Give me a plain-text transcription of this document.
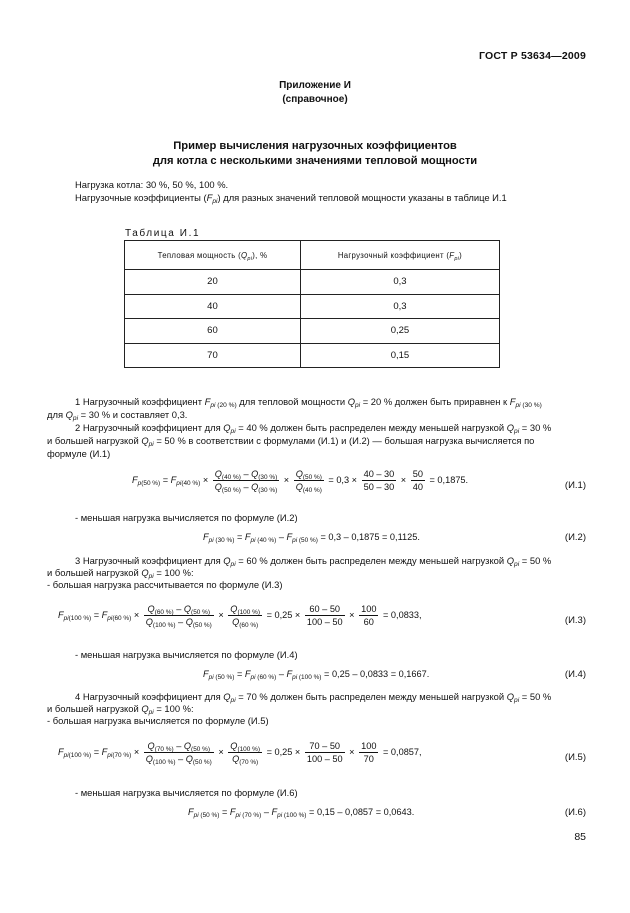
ГОСТ Р 53634—2009
Приложение И
(справочное)
Пример вычисления нагрузочных коэффициентов
для котла с несколькими значениями тепловой мощности
Нагрузка котла: 30 %, 50 %, 100 %.
Нагрузочные коэффициенты $(F_{pi})$ для разных значений тепловой мощности указаны в таблице И.1
Таблица И.1
Тепловая мощность $(Q_{pi})$, %	Нагрузочный коэффициент $(F_{pi})$
20	0,3
40	0,3
60	0,25
70	0,15
1 Нагрузочный коэффициент $F_{pi (20 \%)}$ для тепловой мощности $Q_{pi} = 20$ % должен быть приравнен к $F_{pi (30 \%)}$
для $Q_{pi} = 30$ % и составляет 0,3.
2 Нагрузочный коэффициент для $Q_{pi} = 40$ % должен быть распределен между меньшей нагрузкой $Q_{pi} = 30$ %
и большей нагрузкой $Q_{pi} = 50$ % в соответствии с формулами (И.1) и (И.2) — большая нагрузка вычисляется по
формуле (И.1)
$F_{p(50 \%)} = F_{pi(40 \%)} \times \frac{Q_{(40 \%)} - Q_{(30 \%)}}{Q_{(50 \%)} - Q_{(30 \%)}} \times \frac{Q_{(50 \%)}}{Q_{(40 \%)}} = 0,3 \times \frac{40 - 30}{50 - 30} \times \frac{50}{40} = 0,1875$.
(И.1)
- меньшая нагрузка вычисляется по формуле (И.2)
$F_{pi (30 \%)} = F_{pi (40 \%)} - F_{pi (50 \%)} = 0,3 - 0,1875 = 0,1125$.	(И.2)
3 Нагрузочный коэффициент для $Q_{pi} = 60$ % должен быть распределен между меньшей нагрузкой $Q_{pi} = 50$ %
и большей нагрузкой $Q_{pi} = 100$ %:
- большая нагрузка рассчитывается по формуле (И.3)
$F_{pi(100 \%)} = F_{pi(60 \%)} \times \frac{Q_{(60 \%)} - Q_{(50 \%)}}{Q_{(100 \%)} - Q_{(50 \%)}} \times \frac{Q_{(100 \%)}}{Q_{(60 \%)}} = 0,25 \times \frac{60 - 50}{100 - 50} \times \frac{100}{60} = 0,0833$,
(И.3)
- меньшая нагрузка вычисляется по формуле (И.4)
$F_{pi (50 \%)} = F_{pi (60 \%)} - F_{pi (100 \%)} = 0,25 - 0,0833 = 0,1667$.	(И.4)
4 Нагрузочный коэффициент для $Q_{pi} = 70$ % должен быть распределен между меньшей нагрузкой $Q_{pi} = 50$ %
и большей нагрузкой $Q_{pi} = 100$ %:
- большая нагрузка вычисляется по формуле (И.5)
$F_{pi(100 \%)} = F_{pi(70 \%)} \times \frac{Q_{(70 \%)} - Q_{(50 \%)}}{Q_{(100 \%)} - Q_{(50 \%)}} \times \frac{Q_{(100 \%)}}{Q_{(70 \%)}} = 0,25 \times \frac{70 - 50}{100 - 50} \times \frac{100}{70} = 0,0857$,
(И.5)
- меньшая нагрузка вычисляется по формуле (И.6)
$F_{pi (50 \%)} = F_{pi (70 \%)} - F_{pi (100 \%)} = 0,15 - 0,0857 = 0,0643$.	(И.6)
85
